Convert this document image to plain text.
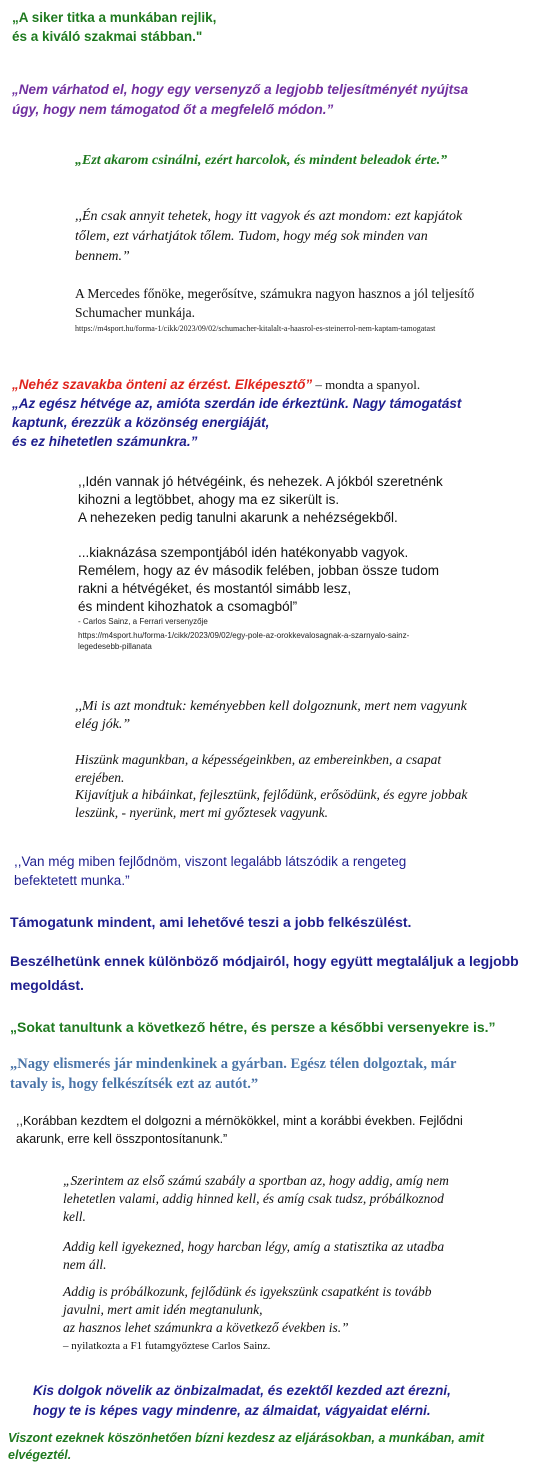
„A siker titka a munkában rejlik,

és a kiváló szakmai stábban."

„Nem várhatod el, hogy egy versenyző a legjobb teljesítményét nyújtsa

úgy, hogy nem támogatod őt a megfelelő módon.”

„Ezt akarom csinálni, ezért harcolok, és mindent beleadok érte.”

,,Én csak annyit tehetek, hogy itt vagyok és azt mondom: ezt kapjátok

tőlem, ezt várhatjátok tőlem. Tudom, hogy még sok minden van

bennem.”

A Mercedes főnöke, megerősítve, számukra nagyon hasznos a jól teljesítő

Schumacher munkája.

https://m4sport.hu/forma-1/cikk/2023/09/02/schumacher-kitalalt-a-haasrol-es-steinerrol-nem-kaptam-tamogatast

„Nehéz szavakba önteni az érzést. Elképesztő” – mondta a spanyol.

„Az egész hétvége az, amióta szerdán ide érkeztünk. Nagy támogatást

kaptunk, érezzük a közönség energiáját,

és ez hihetetlen számunkra.”

,,Idén vannak jó hétvégéink, és nehezek. A jókból szeretnénk

kihozni a legtöbbet, ahogy ma ez sikerült is.

A nehezeken pedig tanulni akarunk a nehézségekből.

...kiaknázása szempontjából idén hatékonyabb vagyok.

Remélem, hogy az év második felében, jobban össze tudom

rakni a hétvégéket, és mostantól simább lesz,

és mindent kihozhatok a csomagból”

- Carlos Sainz, a Ferrari versenyzője

https://m4sport.hu/forma-1/cikk/2023/09/02/egy-pole-az-orokkevalosagnak-a-szarnyalo-sainz-

legedesebb-pillanata

,,Mi is azt mondtuk: keményebben kell dolgoznunk, mert nem vagyunk

elég jók.”

Hiszünk magunkban, a képességeinkben, az embereinkben, a csapat

erejében.

Kijavítjuk a hibáinkat, fejlesztünk, fejlődünk, erősödünk, és egyre jobbak

leszünk, - nyerünk, mert mi győztesek vagyunk.

,,Van még miben fejlődnöm, viszont legalább látszódik a rengeteg

befektetett munka.”

Támogatunk mindent, ami lehetővé teszi a jobb felkészülést.

Beszélhetünk ennek különböző módjairól, hogy együtt megtaláljuk a legjobb

megoldást.

„Sokat tanultunk a következő hétre, és persze a későbbi versenyekre is.”

„Nagy elismerés jár mindenkinek a gyárban. Egész télen dolgoztak, már

tavaly is, hogy felkészítsék ezt az autót.”

,,Korábban kezdtem el dolgozni a mérnökökkel, mint a korábbi években. Fejlődni

akarunk, erre kell összpontosítanunk.”

„Szerintem az első számú szabály a sportban az, hogy addig, amíg nem

lehetetlen valami, addig hinned kell, és amíg csak tudsz, próbálkoznod

kell.

Addig kell igyekezned, hogy harcban légy, amíg a statisztika az utadba

nem áll.

Addig is próbálkozunk, fejlődünk és igyekszünk csapatként is tovább

javulni, mert amit idén megtanulunk,

az hasznos lehet számunkra a következő években is.”

– nyilatkozta a F1 futamgyőztese Carlos Sainz.

Kis dolgok növelik az önbizalmadat, és ezektől kezded azt érezni,

hogy te is képes vagy mindenre, az álmaidat, vágyaidat elérni.

Viszont ezeknek köszönhetően bízni kezdesz az eljárásokban, a munkában, amit

elvégeztél.
